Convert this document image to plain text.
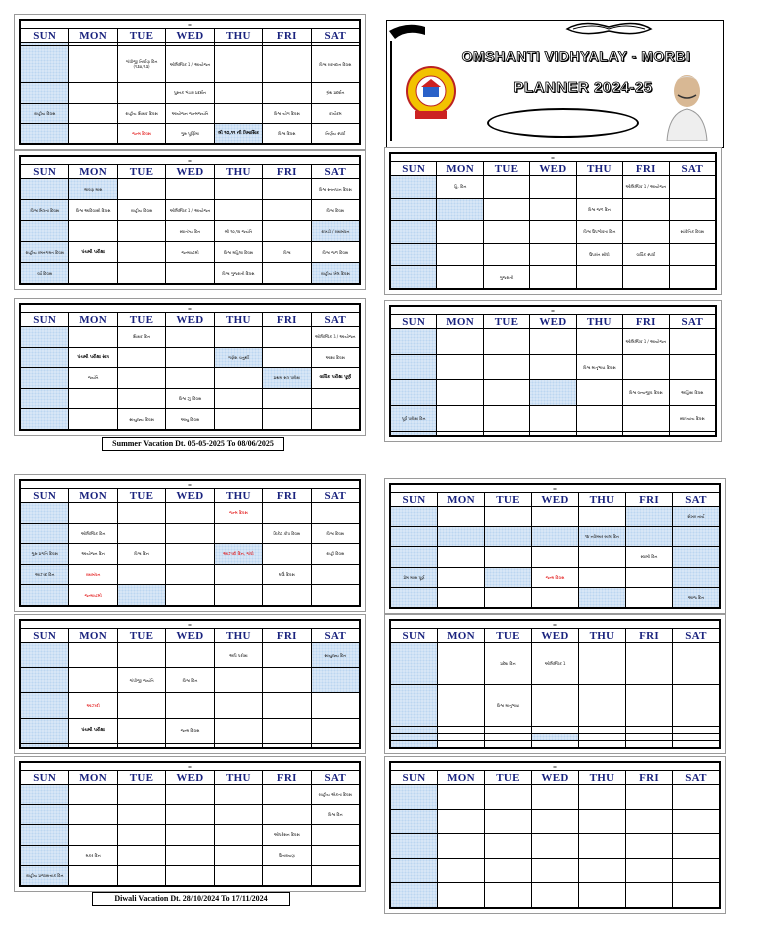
OMSHANTI VIDHYALAY - MORBI
PLANNER 2024-25
–						
SUN	MON	TUE	WED	THU	FRI	SAT

		ગાંધીજી નિર્વાણ દિન (૧૩૦,૧૩)	ઓલિમ્પિક ડે / આયોજન			વિશ્વ રક્તદાન દિવસ
			પુસ્તક ભંડાર પ્રદર્શન			ગ્રંથ પ્રદર્શન
રાષ્ટ્રીય દિવસ		રાષ્ટ્રીય શિક્ષક દિવસ	આયોજન જન્મજયંતિ		વિશ્વ યોગ દિવસ	કાર્યક્રમ
		જન્મ દિવસ	ગુરુ પૂર્ણિમા	શ્રી ૧૦,૧૧ ની ત્રિમાસિક	વિશ્વ દિવસ	નિર્ણય સ્પર્ધા
–						
SUN	MON	TUE	WED	THU	FRI	SAT
	શ્રાવણ માસ					વિશ્વ સ્તનપાન દિવસ
વિશ્વ મિત્રતા દિવસ	વિશ્વ આદિવાસી દિવસ	રાષ્ટ્રીય દિવસ	ઓલિમ્પિક ડે / આયોજન			વિશ્વ દિવસ
			સ્વાતંત્ર્ય દિન	શ્રી ૧૦,૧૨ જયંતિ		રાખડી / રક્ષાબંધન
રાષ્ટ્રીય રમતગમત દિવસ	પંચમી પરીક્ષા		જન્માષ્ટમી	વિશ્વ મહિલા દિવસ	વિશ્વ	વિશ્વ જળ દિવસ
વર્ષ દિવસ				વિશ્વ ગુજરાતી દિવસ		રાષ્ટ્રીય ખેલ દિવસ
–						
SUN	MON	TUE	WED	THU	FRI	SAT
		શિક્ષક દિન				ઓલિમ્પિક ડે / આયોજન
	પંચમી પરીક્ષા સત્ર			ગણેશ ચતુર્થી		આશા દિવસ
	જયંતિ				પ્રથમ સત્ર પરીક્ષા	વાર્ષિક પરીક્ષા પૂર્ણ
			વિશ્વ ઝુ દિવસ			
		સાયુજ્ય દિવસ	આયુ દિવસ			
–						
SUN	MON	TUE	WED	THU	FRI	SAT
	હિ. દિન				ઓલિમ્પિક ડે / આયોજન	
				વિશ્વ જળ દિન		
				વિશ્વ ઉપભોક્તા દિન		સાંકેતિક દિવસ
				ઉપરાંત સીધી	વાર્ષિક સ્પર્ધા	
		ગુજરાતી				
–						
SUN	MON	TUE	WED	THU	FRI	SAT
					ઓલિમ્પિક ડે / આયોજન	
				વિશ્વ માતૃભાષા દિવસ		
					વિશ્વ વન્યજીવ દિવસ	અહિંસા દિવસ
પૂર્વ પરીક્ષા દિન						સ્વાધ્યાય દિવસ

–						
SUN	MON	TUE	WED	THU	FRI	SAT
				જન્મ દિવસ		
	ઓલિમ્પિક દિન				ક્રિકેટ કોપ દિવસ	વિશ્વ દિવસ
ગુરુ પ્રગતિ દિવસ	આયોજન દિન	વિશ્વ દિન		આઝાદી દિન, ગાંધી		રાષ્ટ્રી દિવસ
આઝાદ દિન	રક્ષાબંધન				ઘઉં દિવસ	
	જન્માષ્ટમી					
–						
SUN	MON	TUE	WED	THU	FRI	SAT
				અધિ પરીક્ષા		સાયુજ્ય દિન
		ગાંધીજી જયંતિ	વિશ્વ દિન			
	આઝાદી					
	પંચમી પરીક્ષા		જન્મ દિવસ			

–						
SUN	MON	TUE	WED	THU	FRI	SAT
						રાષ્ટ્રીય એકતા દિવસ
						વિશ્વ દિન
					ઓપરેશન દિવસ	
	મકર દિન				ઉત્તરાયણ	
રાષ્ટ્રીય પ્રજાસત્તાક દિન						
–						
SUN	MON	TUE	WED	THU	FRI	SAT
						શેખર નાર્ય
				૧૪ નવેમ્બર બાલ દિન		
					સ્વામી દિન	
પ્રેમ માસ પૂર્ણ			જન્મ દિવસ			
						આજ દિન
–						
SUN	MON	TUE	WED	THU	FRI	SAT
		પ્રદેશ દિન	ઓલિમ્પિક ડે			
		વિશ્વ માતૃભાષા				

–						
SUN	MON	TUE	WED	THU	FRI	SAT

Summer Vacation Dt. 05-05-2025 To 08/06/2025
Diwali Vacation Dt. 28/10/2024 To 17/11/2024
